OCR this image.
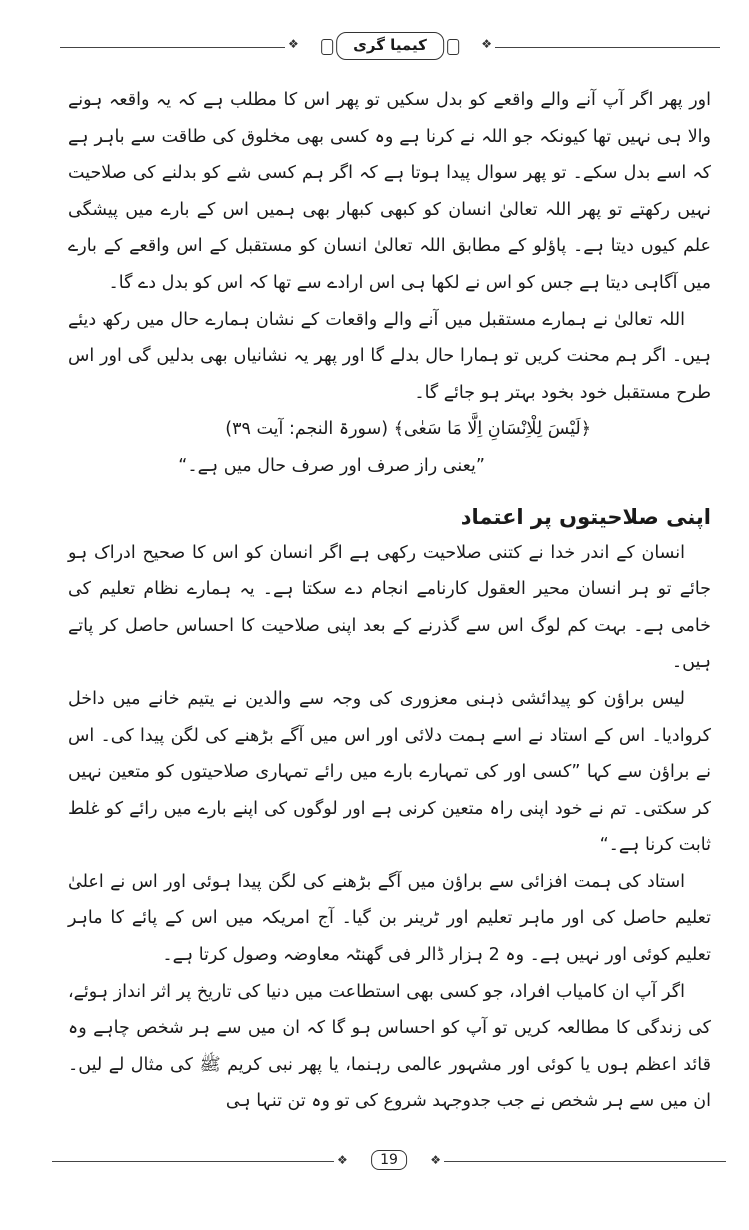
❖	کیمیا گری	❖

اور پھر اگر آپ آنے والے واقعے کو بدل سکیں تو پھر اس کا مطلب ہے کہ یہ واقعہ ہونے والا ہی نہیں تھا کیونکہ جو اللہ نے کرنا ہے وہ کسی بھی مخلوق کی طاقت سے باہر ہے کہ اسے بدل سکے۔ تو پھر سوال پیدا ہوتا ہے کہ اگر ہم کسی شے کو بدلنے کی صلاحیت نہیں رکھتے تو پھر اللہ تعالیٰ انسان کو کبھی کبھار بھی ہمیں اس کے بارے میں پیشگی علم کیوں دیتا ہے۔ پاؤلو کے مطابق اللہ تعالیٰ انسان کو مستقبل کے اس واقعے کے بارے میں آگاہی دیتا ہے جس کو اس نے لکھا ہی اس ارادے سے تھا کہ اس کو بدل دے گا۔

اللہ تعالیٰ نے ہمارے مستقبل میں آنے والے واقعات کے نشان ہمارے حال میں رکھ دیئے ہیں۔ اگر ہم محنت کریں تو ہمارا حال بدلے گا اور پھر یہ نشانیاں بھی بدلیں گی اور اس طرح مستقبل خود بخود بہتر ہو جائے گا۔

﴿لَیْسَ لِلْاِنْسَانِ اِلَّا مَا سَعٰی﴾ (سورۃ النجم: آیت ۳۹)

”یعنی راز صرف اور صرف حال میں ہے۔“

اپنی صلاحیتوں پر اعتماد

انسان کے اندر خدا نے کتنی صلاحیت رکھی ہے اگر انسان کو اس کا صحیح ادراک ہو جائے تو ہر انسان محیر العقول کارنامے انجام دے سکتا ہے۔ یہ ہمارے نظام تعلیم کی خامی ہے۔ بہت کم لوگ اس سے گذرنے کے بعد اپنی صلاحیت کا احساس حاصل کر پاتے ہیں۔

لیس براؤن کو پیدائشی ذہنی معزوری کی وجہ سے والدین نے یتیم خانے میں داخل کروادیا۔ اس کے استاد نے اسے ہمت دلائی اور اس میں آگے بڑھنے کی لگن پیدا کی۔ اس نے براؤن سے کہا ”کسی اور کی تمہارے بارے میں رائے تمہاری صلاحیتوں کو متعین نہیں کر سکتی۔ تم نے خود اپنی راہ متعین کرنی ہے اور لوگوں کی اپنے بارے میں رائے کو غلط ثابت کرنا ہے۔“

استاد کی ہمت افزائی سے براؤن میں آگے بڑھنے کی لگن پیدا ہوئی اور اس نے اعلیٰ تعلیم حاصل کی اور ماہر تعلیم اور ٹرینر بن گیا۔ آج امریکہ میں اس کے پائے کا ماہر تعلیم کوئی اور نہیں ہے۔ وہ 2 ہزار ڈالر فی گھنٹہ معاوضہ وصول کرتا ہے۔

اگر آپ ان کامیاب افراد، جو کسی بھی استطاعت میں دنیا کی تاریخ پر اثر انداز ہوئے، کی زندگی کا مطالعہ کریں تو آپ کو احساس ہو گا کہ ان میں سے ہر شخص چاہے وہ قائد اعظم ہوں یا کوئی اور مشہور عالمی رہنما، یا پھر نبی کریم ﷺ کی مثال لے لیں۔ ان میں سے ہر شخص نے جب جدوجہد شروع کی تو وہ تن تنہا ہی

❖	19	❖
